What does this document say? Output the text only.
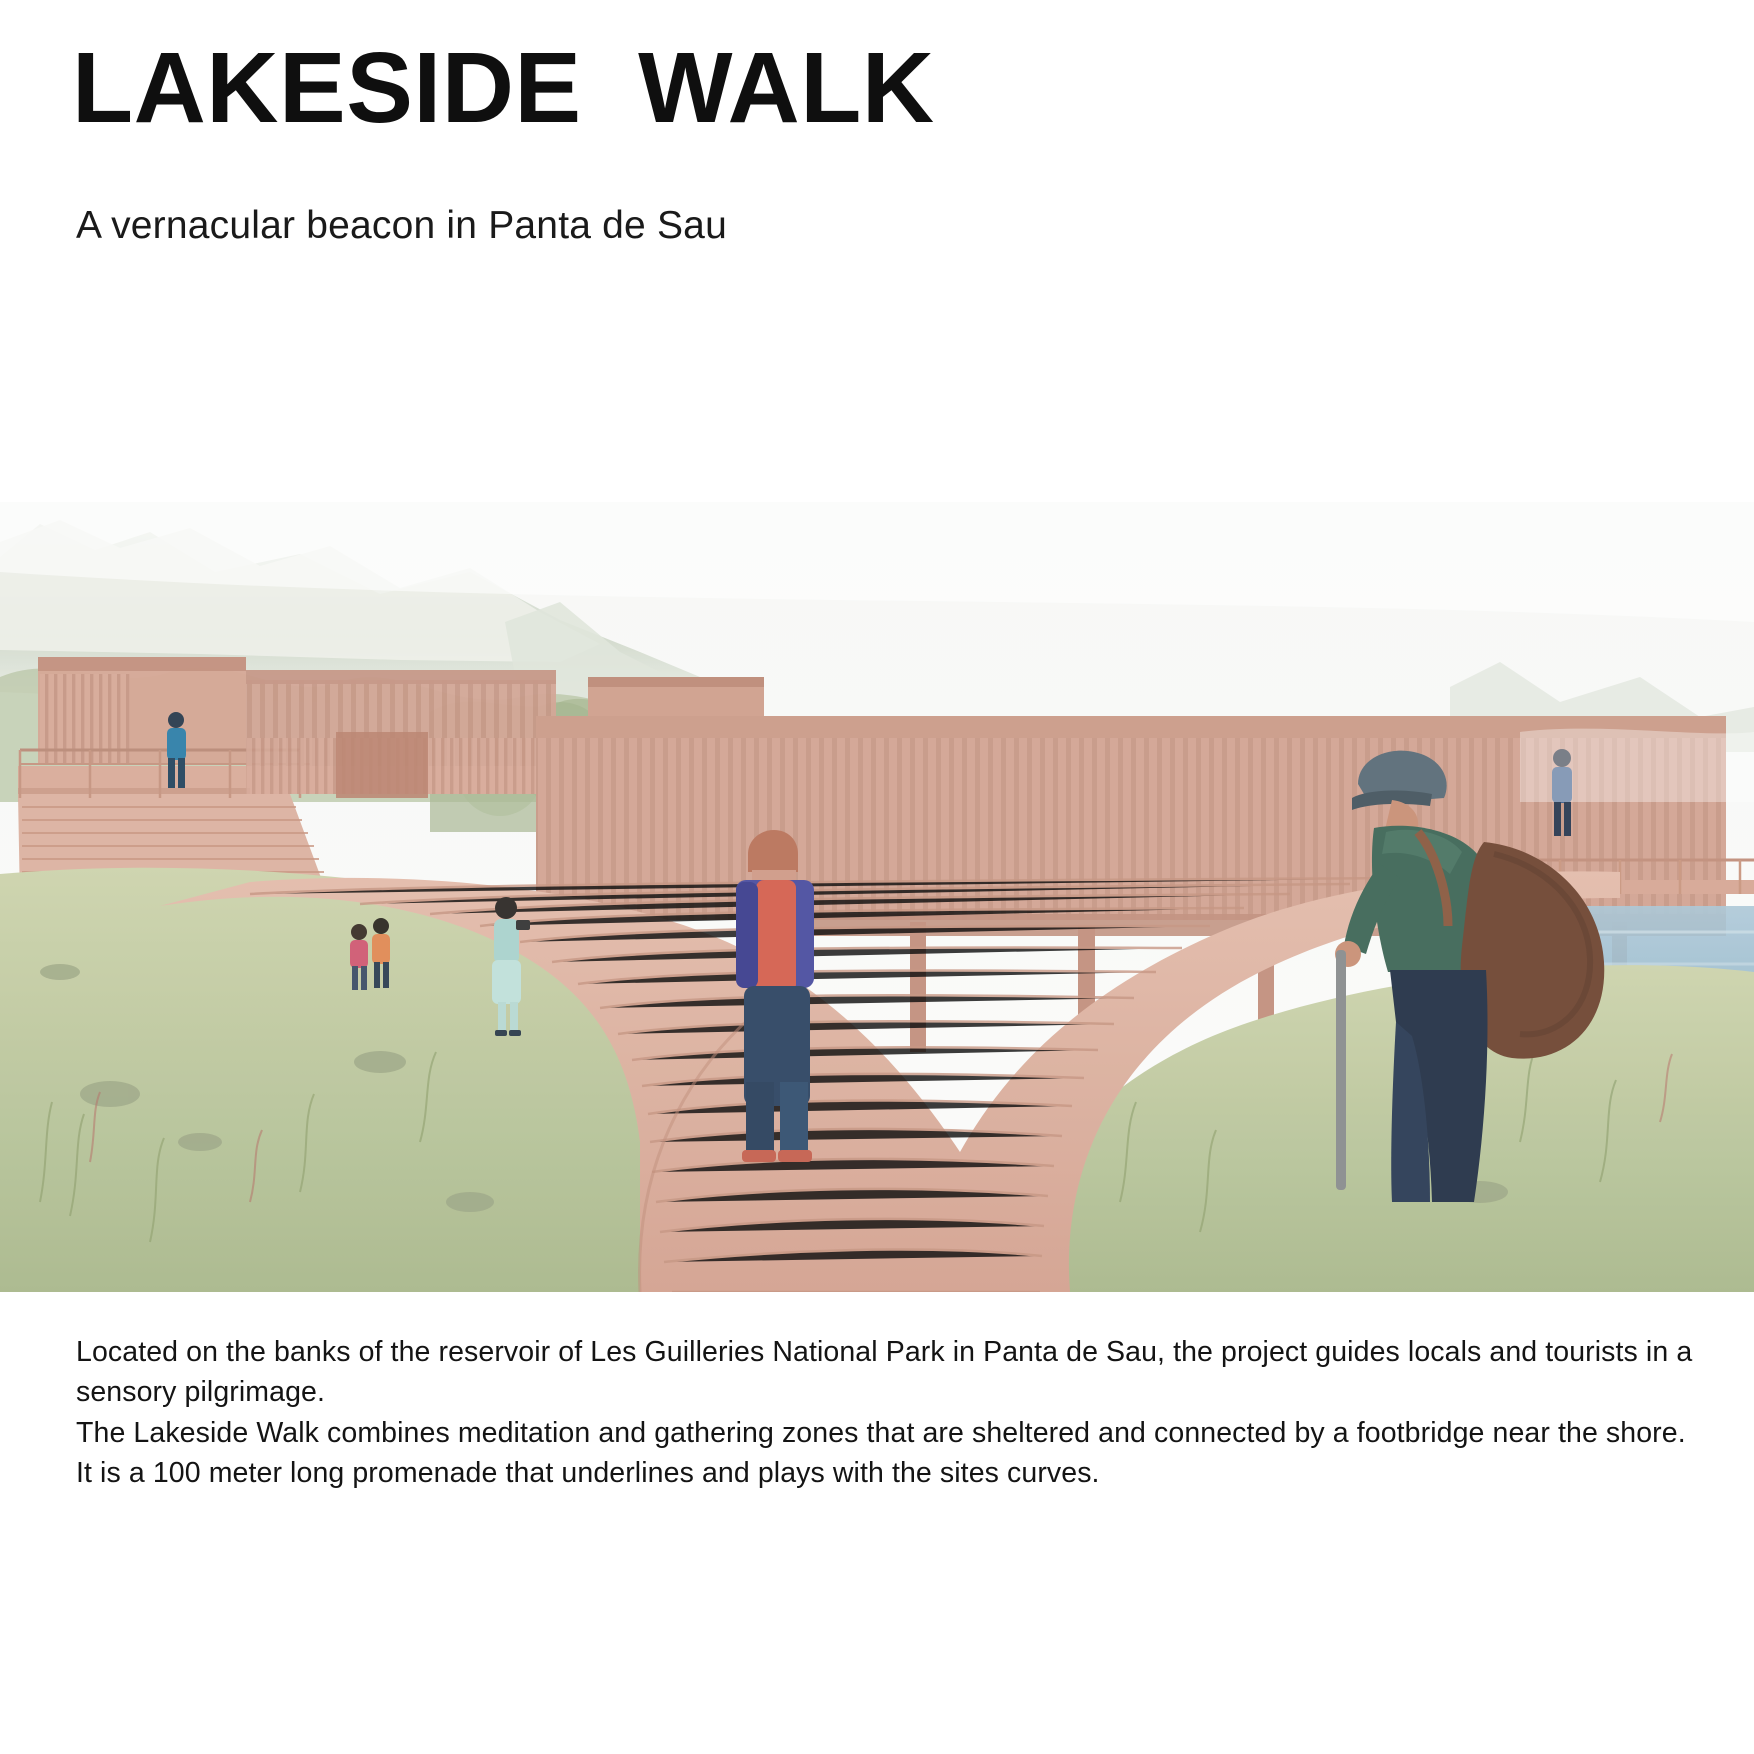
LAKESIDE  WALK
A vernacular beacon in Panta de Sau

Located on the banks of the reservoir of Les Guilleries National Park in Panta de Sau, the project guides locals and tourists in a sensory pilgrimage.

The Lakeside Walk combines meditation and gathering zones that are sheltered and connected by a footbridge near the shore. It is a 100 meter long promenade that underlines and plays with the sites curves.
